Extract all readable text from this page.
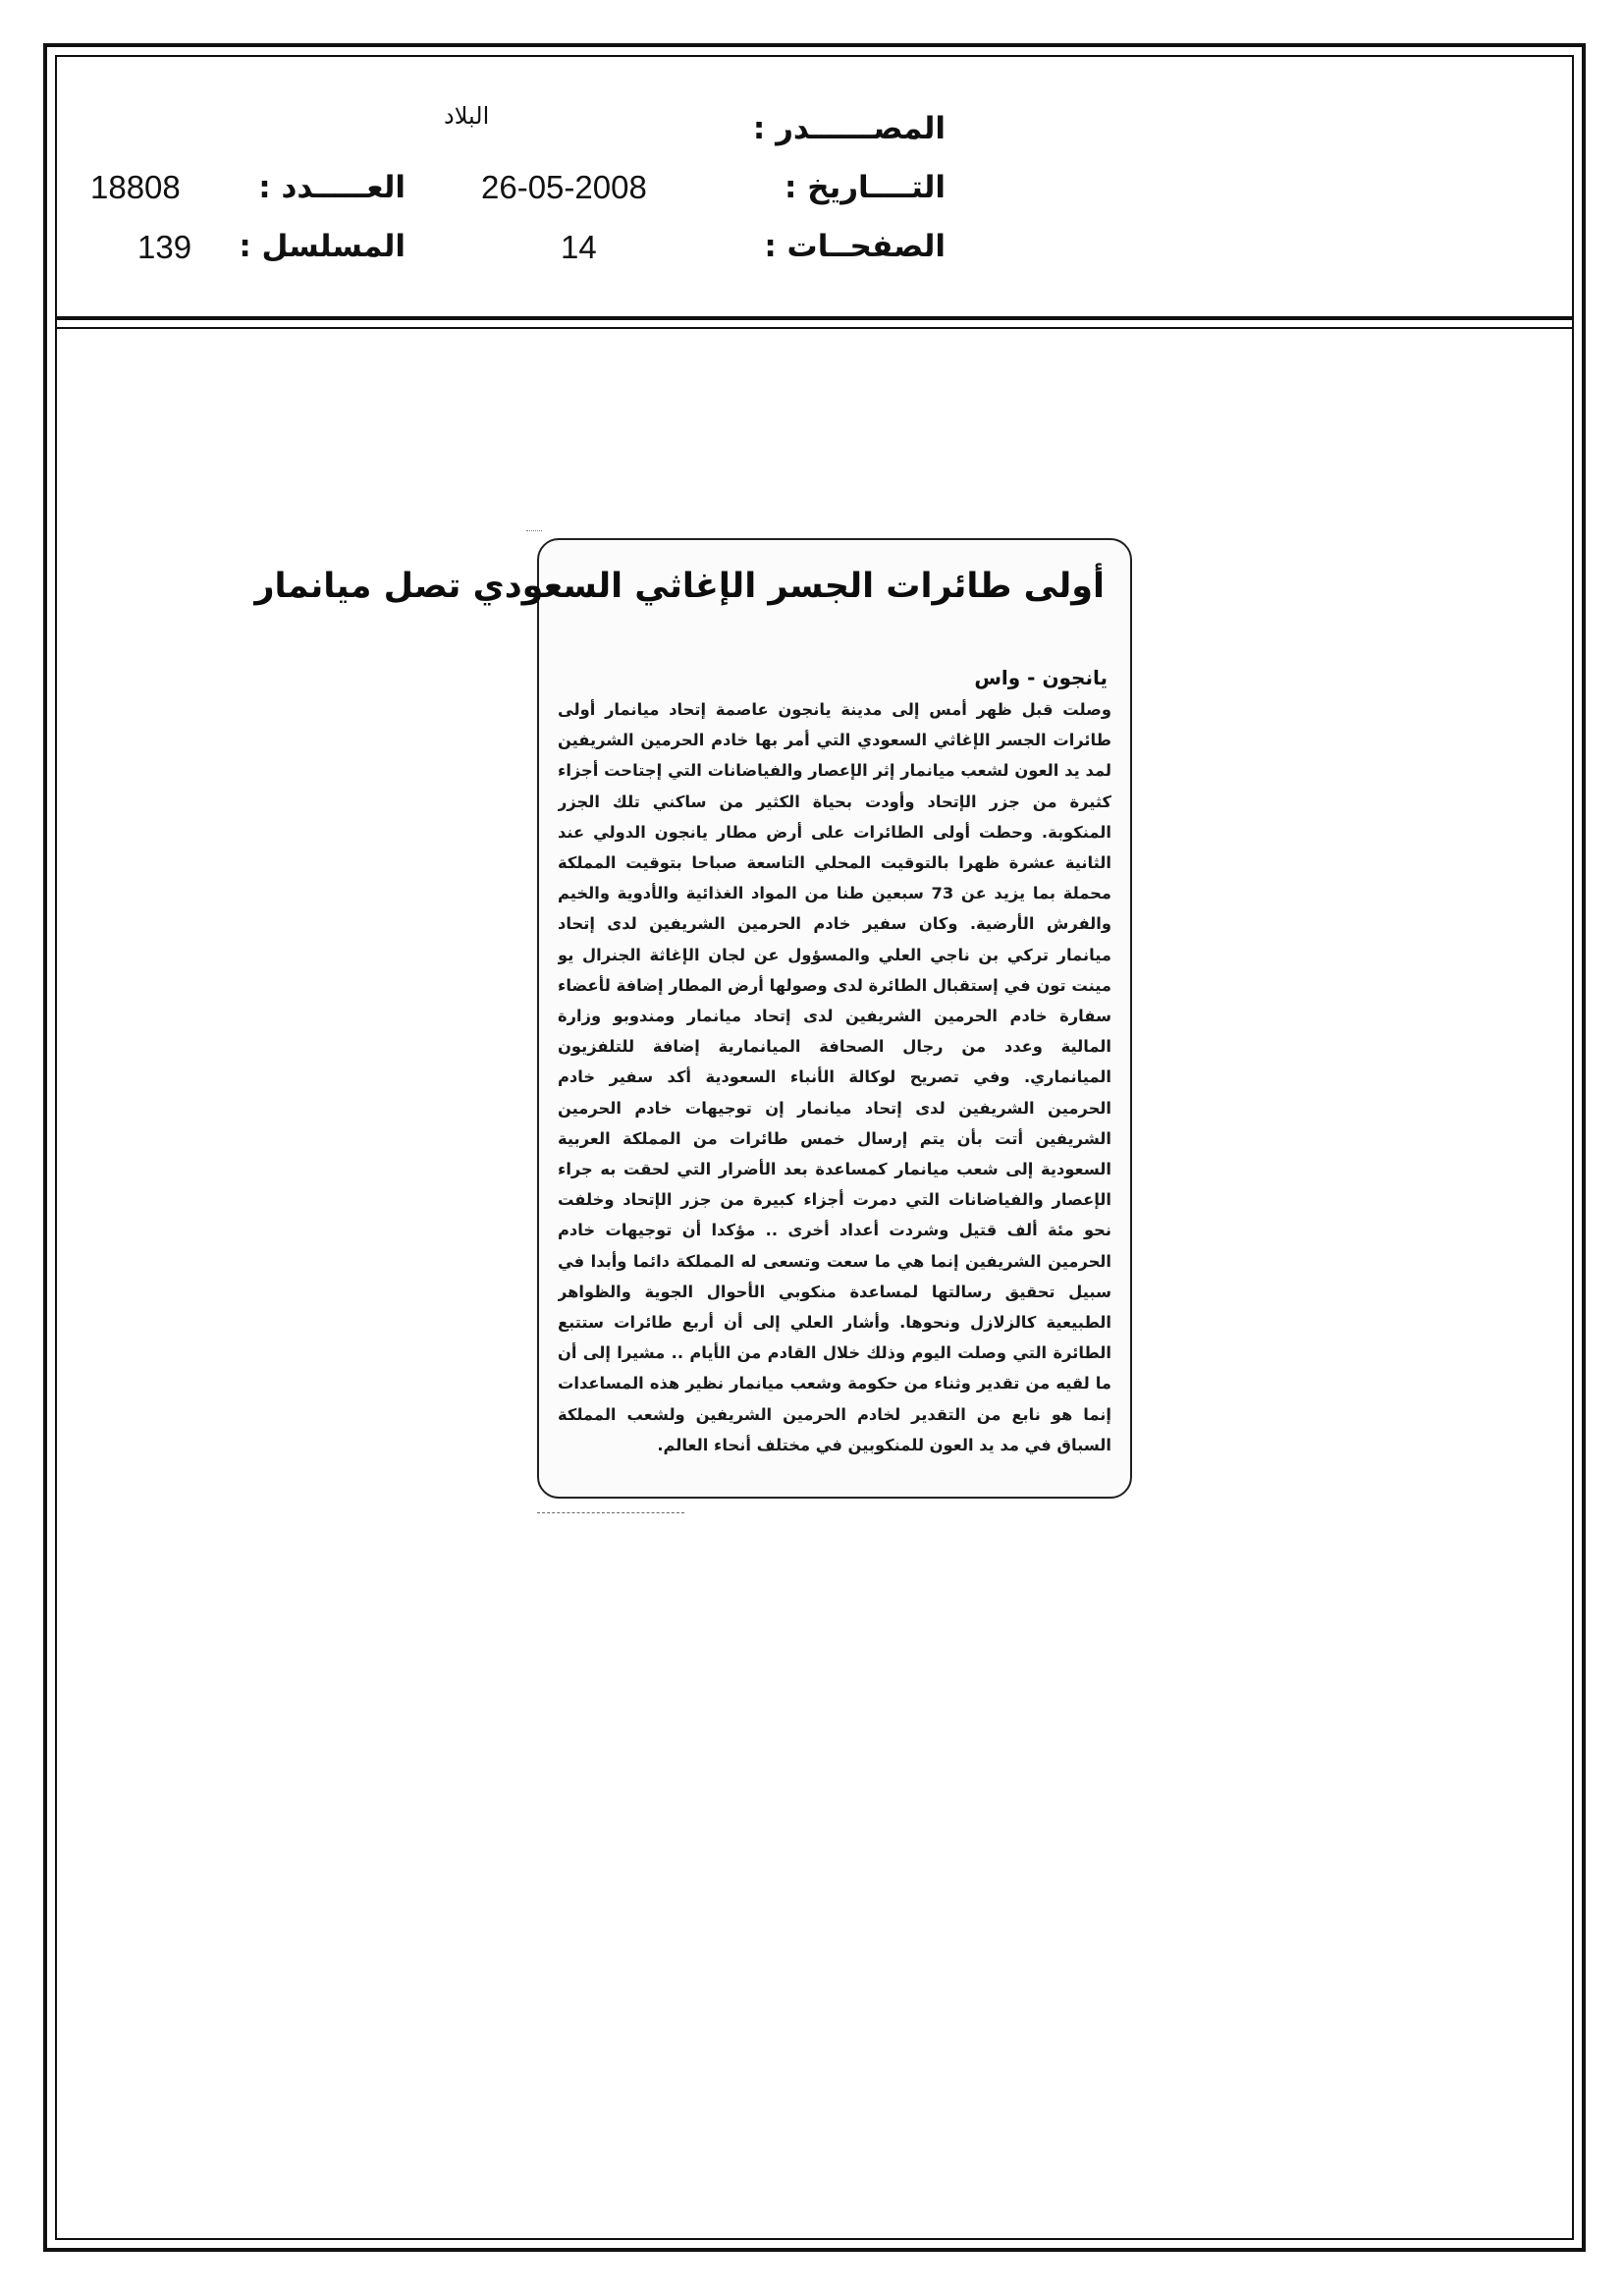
المصــــــدر :
البلاد
التــــاريخ :
26-05-2008
الصفحــات :
14
العـــــدد :
18808
المسلسل :
139
أولى طائرات الجسر الإغاثي السعودي تصل ميانمار
يانجون - واس
وصلت قبل ظهر أمس إلى مدينة يانجون عاصمة إتحاد ميانمار أولى طائرات الجسر الإغاثي السعودي التي أمر بها خادم الحرمين الشريفين لمد يد العون لشعب ميانمار إثر الإعصار والفياضانات التي إجتاحت أجزاء كثيرة من جزر الإتحاد وأودت بحياة الكثير من ساكني تلك الجزر المنكوبة. وحطت أولى الطائرات على أرض مطار يانجون الدولي عند الثانية عشرة ظهرا بالتوقيت المحلي التاسعة صباحا بتوقيت المملكة محملة بما يزيد عن 73 سبعين طنا من المواد الغذائية والأدوية والخيم والفرش الأرضية. وكان سفير خادم الحرمين الشريفين لدى إتحاد ميانمار تركي بن ناجي العلي والمسؤول عن لجان الإغاثة الجنرال يو مينت تون في إستقبال الطائرة لدى وصولها أرض المطار إضافة لأعضاء سفارة خادم الحرمين الشريفين لدى إتحاد ميانمار ومندوبو وزارة المالية وعدد من رجال الصحافة الميانمارية إضافة للتلفزيون الميانماري. وفي تصريح لوكالة الأنباء السعودية أكد سفير خادم الحرمين الشريفين لدى إتحاد ميانمار إن توجيهات خادم الحرمين الشريفين أتت بأن يتم إرسال خمس طائرات من المملكة العربية السعودية إلى شعب ميانمار كمساعدة بعد الأضرار التي لحقت به جراء الإعصار والفياضانات التي دمرت أجزاء كبيرة من جزر الإتحاد وخلفت نحو مئة ألف قتيل وشردت أعداد أخرى .. مؤكدا أن توجيهات خادم الحرمين الشريفين إنما هي ما سعت وتسعى له المملكة دائما وأبدا في سبيل تحقيق رسالتها لمساعدة منكوبي الأحوال الجوية والظواهر الطبيعية كالزلازل ونحوها. وأشار العلي إلى أن أربع طائرات ستتبع الطائرة التي وصلت اليوم وذلك خلال القادم من الأيام .. مشيرا إلى أن ما لقيه من تقدير وثناء من حكومة وشعب ميانمار نظير هذه المساعدات إنما هو نابع من التقدير لخادم الحرمين الشريفين ولشعب المملكة السباق في مد يد العون للمنكوبين في مختلف أنحاء العالم.
